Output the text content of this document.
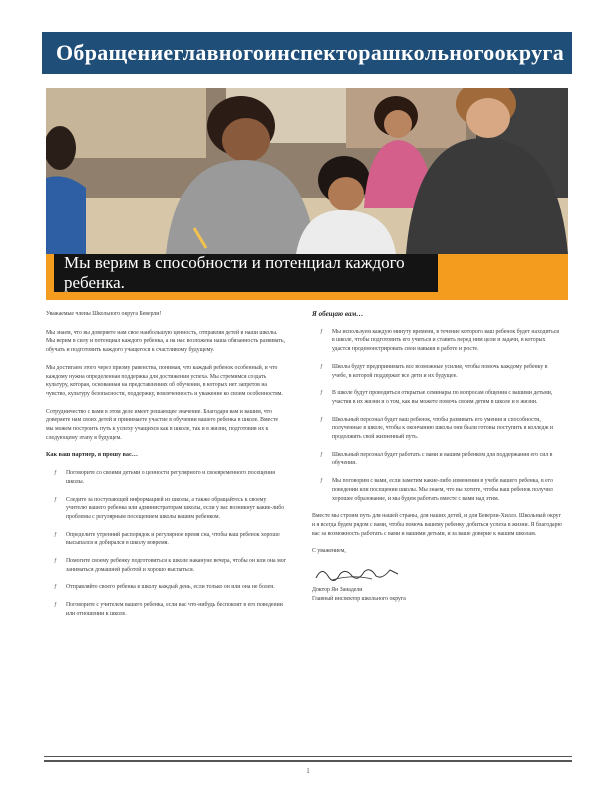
Обращение главного инспектора школьного округа
Мы верим в способности и потенциал каждого ребенка.

Уважаемые члены Школьного округа Беверли!

Мы знаем, что вы доверяете нам свое наибольшую ценность, отправляя детей в наши школы. Мы верим в силу и потенциал каждого ребенка, а на нас возложена наша обязанность развивать, обучать и подготовить каждого учащегося к счастливому будущему.

Мы достигаем этого через призму равенства, понимая, что каждый ребенок особенный, и что каждому нужна определенная поддержка для достижения успеха. Мы стремимся создать культуру, которая, основанная на представлениях об обучении, в которых нет запретов на чувство, культуру безопасности, поддержку, вовлеченность и уважение ко своим особенностям.

Сотрудничество с вами в этом деле имеет решающее значение. Благодаря вам и вашим, что доверяете нам своих детей и принимаете участие в обучении вашего ребенка в школе. Вместе мы можем построить путь к успеху учащихся как в школе, так и в жизни, подготовив их к следующему этапу в будущем.

Как ваш партнер, я прошу вас…

ƒ Поговорите со своими детьми о ценности регулярного и своевременного посещения школы.
ƒ Следите за поступающей информацией из школы, а также обращайтесь к своему учителю вашего ребенка или администраторам школы, если у вас возникнут какие-либо проблемы с регулярным посещением школы вашим ребенком.
ƒ Определите утренний распорядок и регулярное время сна, чтобы ваш ребенок хорошо высыпался и добирался в школу вовремя.
ƒ Помогите своему ребенку подготовиться к школе накануне вечера, чтобы он или она мог заниматься домашней работой и хорошо выспаться.
ƒ Отправляйте своего ребенка в школу каждый день, если только он или она не болен.
ƒ Поговорите с учителем вашего ребенка, если вас что-нибудь беспокоит в его поведении или отношении к школе.

Я обещаю вам…

ƒ Мы используем каждую минуту времени, в течение которого ваш ребенок будет находиться в школе, чтобы подготовить его учиться и ставить перед ним цели и задачи, в которых удастся продемонстрировать свои навыки в работе и росте.
ƒ Школы будут предпринимать все возможные усилия, чтобы помочь каждому ребенку в учебе, в которой поддержат все дети и их будущее.
ƒ В школе будут проводиться открытые семинары по вопросам общения с вашими детьми, участия в их жизни и о том, как вы можете помочь своим детям в школе и в жизни.
ƒ Школьный персонал будет ваш ребенок, чтобы развивать его умения и способности, полученные в школе, чтобы к окончанию школы они были готовы поступить в колледж и продолжить свой жизненный путь.
ƒ Школьный персонал будет работать с вами и вашим ребенком для поддержания его сил в обучении.
ƒ Мы поговорим с вами, если заметим какие-либо изменения в учебе вашего ребенка, в его поведении или посещении школы. Мы знаем, что вы хотите, чтобы ваш ребенок получил хорошее образование, и мы будем работать вместе с вами над этим.

Вместе мы строим путь для нашей страны, для наших детей, и для Беверли-Хиллз. Школьный округ и я всегда будем рядом с вами, чтобы помочь вашему ребенку добиться успеха в жизни. Я благодарю вас за возможность работать с вами и вашими детьми, и за ваше доверие к нашим школам.

С уважением,

Доктор Ян Занадели

Главный инспектор школьного округа

1
